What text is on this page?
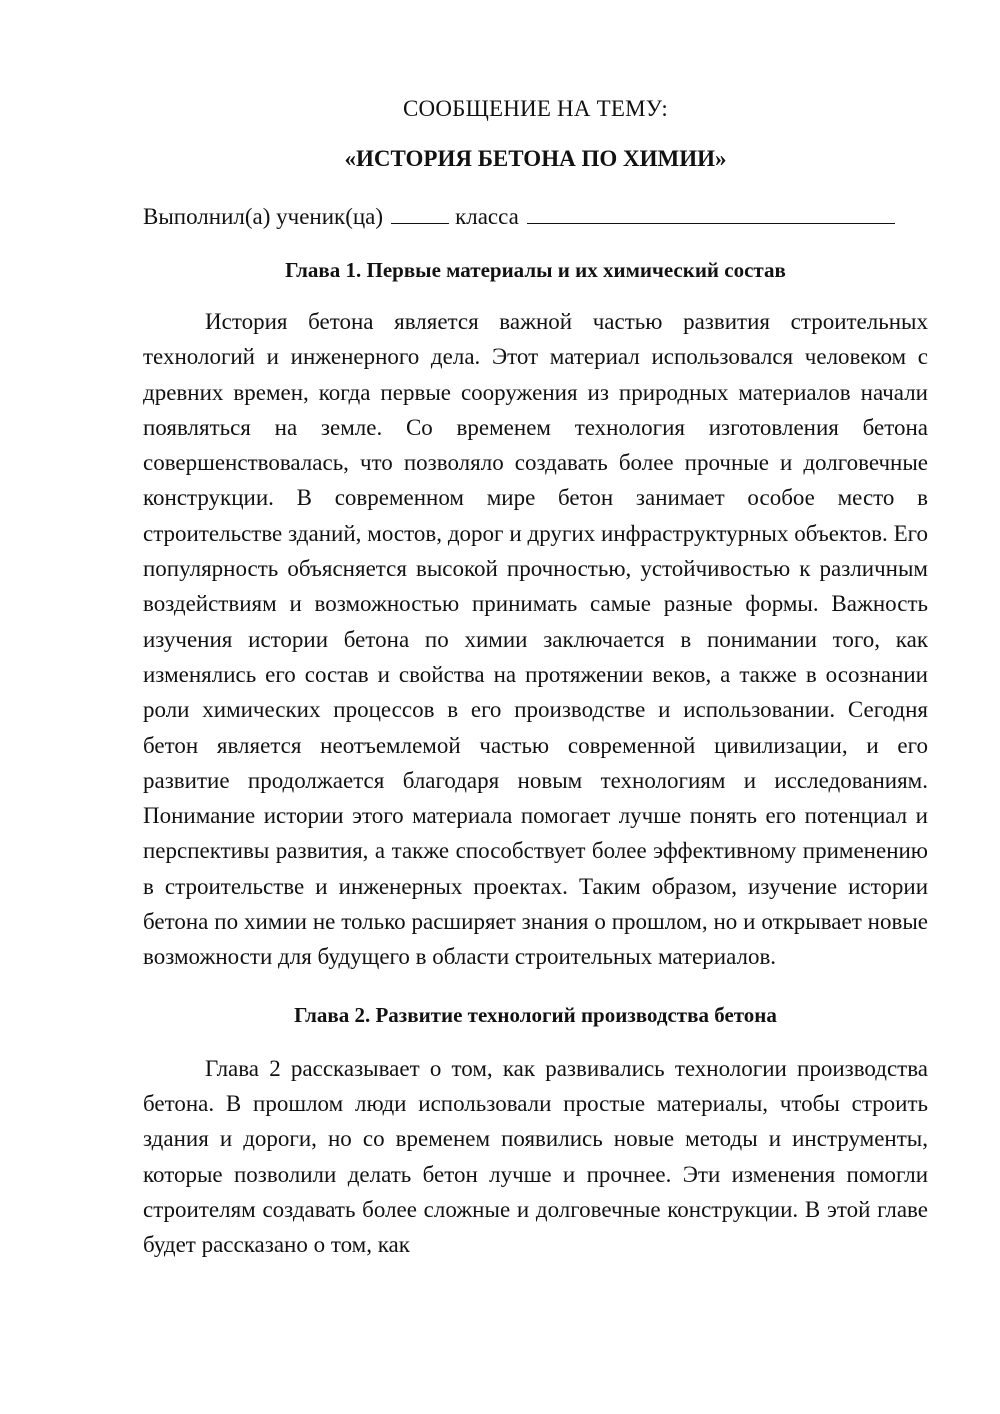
СООБЩЕНИЕ НА ТЕМУ:

«ИСТОРИЯ БЕТОНА ПО ХИМИИ»

Выполнил(а) ученик(ца)	класса

Глава 1. Первые материалы и их химический состав

История бетона является важной частью развития строительных технологий и инженерного дела. Этот материал использовался человеком с древних времен, когда первые сооружения из природных материалов начали появляться на земле. Со временем технология изготовления бетона совершенствовалась, что позволяло создавать более прочные и долговечные конструкции. В современном мире бетон занимает особое место в строительстве зданий, мостов, дорог и других инфраструктурных объектов. Его популярность объясняется высокой прочностью, устойчивостью к различным воздействиям и возможностью принимать самые разные формы. Важность изучения истории бетона по химии заключается в понимании того, как изменялись его состав и свойства на протяжении веков, а также в осознании роли химических процессов в его производстве и использовании. Сегодня бетон является неотъемлемой частью современной цивилизации, и его развитие продолжается благодаря новым технологиям и исследованиям. Понимание истории этого материала помогает лучше понять его потенциал и перспективы развития, а также способствует более эффективному применению в строительстве и инженерных проектах. Таким образом, изучение истории бетона по химии не только расширяет знания о прошлом, но и открывает новые возможности для будущего в области строительных материалов.

Глава 2. Развитие технологий производства бетона

Глава 2 рассказывает о том, как развивались технологии производства бетона. В прошлом люди использовали простые материалы, чтобы строить здания и дороги, но со временем появились новые методы и инструменты, которые позволили делать бетон лучше и прочнее. Эти изменения помогли строителям создавать более сложные и долговечные конструкции. В этой главе будет рассказано о том, как
